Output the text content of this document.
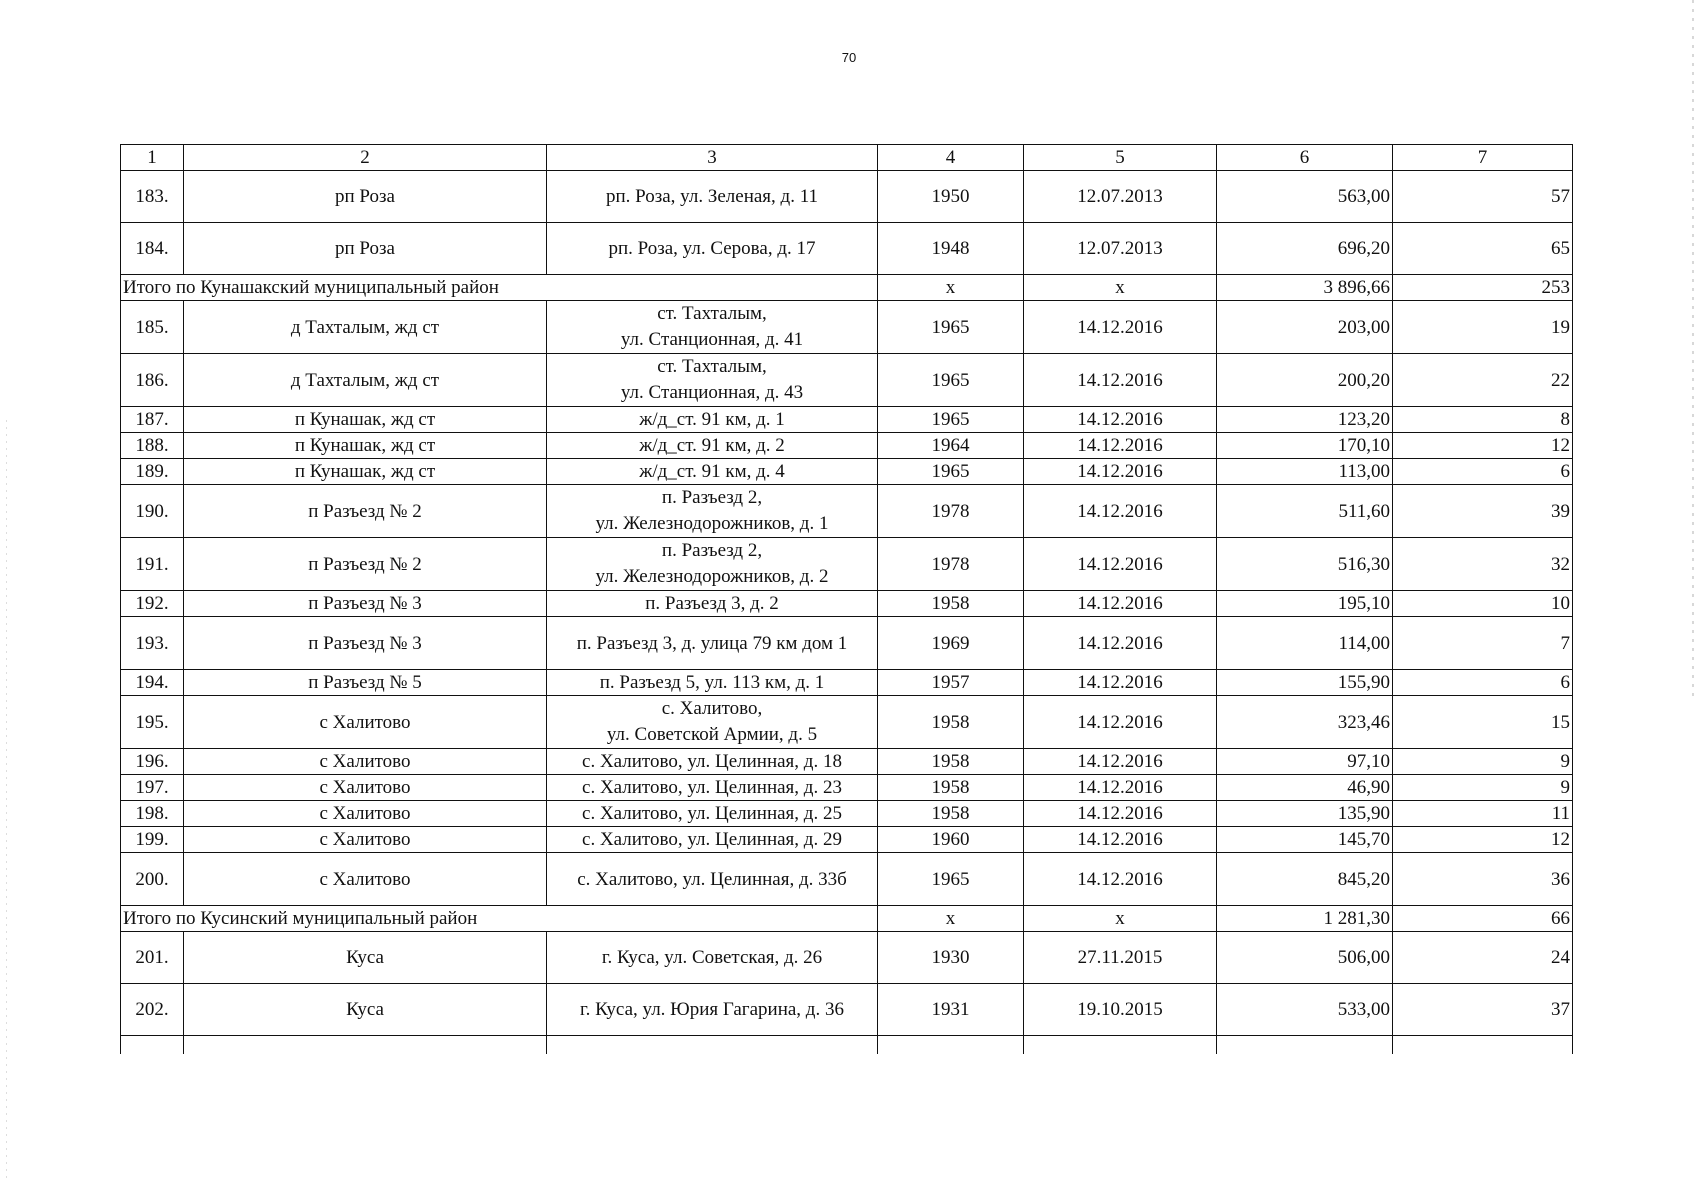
70
1	2	3	4	5	6	7
183.	рп Роза	рп. Роза, ул. Зеленая, д. 11	1950	12.07.2013	563,00	57
184.	рп Роза	рп. Роза, ул. Серова, д. 17	1948	12.07.2013	696,20	65
Итого по Кунашакский муниципальный район			х	х	3 896,66	253
185.	д Тахталым, жд ст	ст. Тахталым,
ул. Станционная, д. 41	1965	14.12.2016	203,00	19
186.	д Тахталым, жд ст	ст. Тахталым,
ул. Станционная, д. 43	1965	14.12.2016	200,20	22
187.	п Кунашак, жд ст	ж/д_ст. 91 км, д. 1	1965	14.12.2016	123,20	8
188.	п Кунашак, жд ст	ж/д_ст. 91 км, д. 2	1964	14.12.2016	170,10	12
189.	п Кунашак, жд ст	ж/д_ст. 91 км, д. 4	1965	14.12.2016	113,00	6
190.	п Разъезд № 2	п. Разъезд 2,
ул. Железнодорожников, д. 1	1978	14.12.2016	511,60	39
191.	п Разъезд № 2	п. Разъезд 2,
ул. Железнодорожников, д. 2	1978	14.12.2016	516,30	32
192.	п Разъезд № 3	п. Разъезд 3, д. 2	1958	14.12.2016	195,10	10
193.	п Разъезд № 3	п. Разъезд 3, д. улица 79 км дом 1	1969	14.12.2016	114,00	7
194.	п Разъезд № 5	п. Разъезд 5, ул. 113 км, д. 1	1957	14.12.2016	155,90	6
195.	с Халитово	с. Халитово,
ул. Советской Армии, д. 5	1958	14.12.2016	323,46	15
196.	с Халитово	с. Халитово, ул. Целинная, д. 18	1958	14.12.2016	97,10	9
197.	с Халитово	с. Халитово, ул. Целинная, д. 23	1958	14.12.2016	46,90	9
198.	с Халитово	с. Халитово, ул. Целинная, д. 25	1958	14.12.2016	135,90	11
199.	с Халитово	с. Халитово, ул. Целинная, д. 29	1960	14.12.2016	145,70	12
200.	с Халитово	с. Халитово, ул. Целинная, д. 33б	1965	14.12.2016	845,20	36
Итого по Кусинский муниципальный район			х	х	1 281,30	66
201.	Куса	г. Куса, ул. Советская, д. 26	1930	27.11.2015	506,00	24
202.	Куса	г. Куса, ул. Юрия Гагарина, д. 36	1931	19.10.2015	533,00	37
